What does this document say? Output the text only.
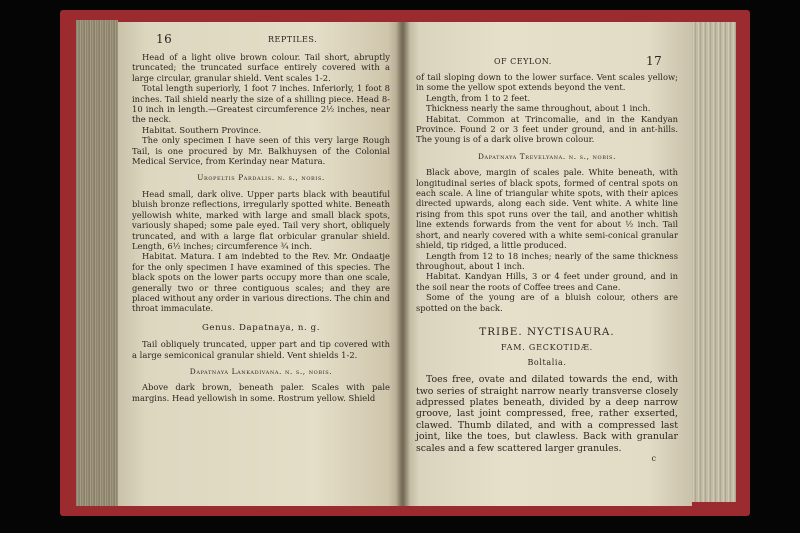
16	REPTILES.

Head of a light olive brown colour. Tail short, abruptly truncated; the truncated surface entirely covered with a large circular, granular shield. Vent scales 1-2.

Total length superiorly, 1 foot 7 inches. Inferiorly, 1 foot 8 inches. Tail shield nearly the size of a shilling piece. Head 8-10 inch in length.—Greatest circumference 2½ inches, near the neck.

Habitat. Southern Province.

The only specimen I have seen of this very large Rough Tail, is one procured by Mr. Balkhuysen of the Colonial Medical Service, from Kerinday near Matura.

Uropeltis Pardalis. n. s., nobis.

Head small, dark olive. Upper parts black with beautiful bluish bronze reflections, irregularly spotted white. Beneath yellowish white, marked with large and small black spots, variously shaped; some pale eyed. Tail very short, obliquely truncated, and with a large flat orbicular granular shield. Length, 6½ inches; circumference ¾ inch.

Habitat. Matura. I am indebted to the Rev. Mr. Ondaatje for the only specimen I have examined of this species. The black spots on the lower parts occupy more than one scale, generally two or three contiguous scales; and they are placed without any order in various directions. The chin and throat immaculate.

Genus. Dapatnaya, n. g.

Tail obliquely truncated, upper part and tip covered with a large semiconical granular shield. Vent shields 1-2.

Dapatnaya Lankadivana. n. s., nobis.

Above dark brown, beneath paler. Scales with pale margins. Head yellowish in some. Rostrum yellow. Shield

OF CEYLON.	17

of tail sloping down to the lower surface. Vent scales yellow; in some the yellow spot extends beyond the vent.

Length, from 1 to 2 feet.

Thickness nearly the same throughout, about 1 inch.

Habitat. Common at Trincomalie, and in the Kandyan Province. Found 2 or 3 feet under ground, and in ant-hills. The young is of a dark olive brown colour.

Dapatnaya Trevelyana. n. s., nobis.

Black above, margin of scales pale. White beneath, with longitudinal series of black spots, formed of central spots on each scale. A line of triangular white spots, with their apices directed upwards, along each side. Vent white. A white line rising from this spot runs over the tail, and another whitish line extends forwards from the vent for about ½ inch. Tail short, and nearly covered with a white semi-conical granular shield, tip ridged, a little produced.

Length from 12 to 18 inches; nearly of the same thickness throughout, about 1 inch.

Habitat. Kandyan Hills, 3 or 4 feet under ground, and in the soil near the roots of Coffee trees and Cane.

Some of the young are of a bluish colour, others are spotted on the back.

TRIBE. NYCTISAURA.

FAM. GECKOTIDÆ.

Boltalia.

Toes free, ovate and dilated towards the end, with two series of straight narrow nearly transverse closely adpressed plates beneath, divided by a deep narrow groove, last joint compressed, free, rather exserted, clawed. Thumb dilated, and with a compressed last joint, like the toes, but clawless. Back with granular scales and a few scattered larger granules.

c
